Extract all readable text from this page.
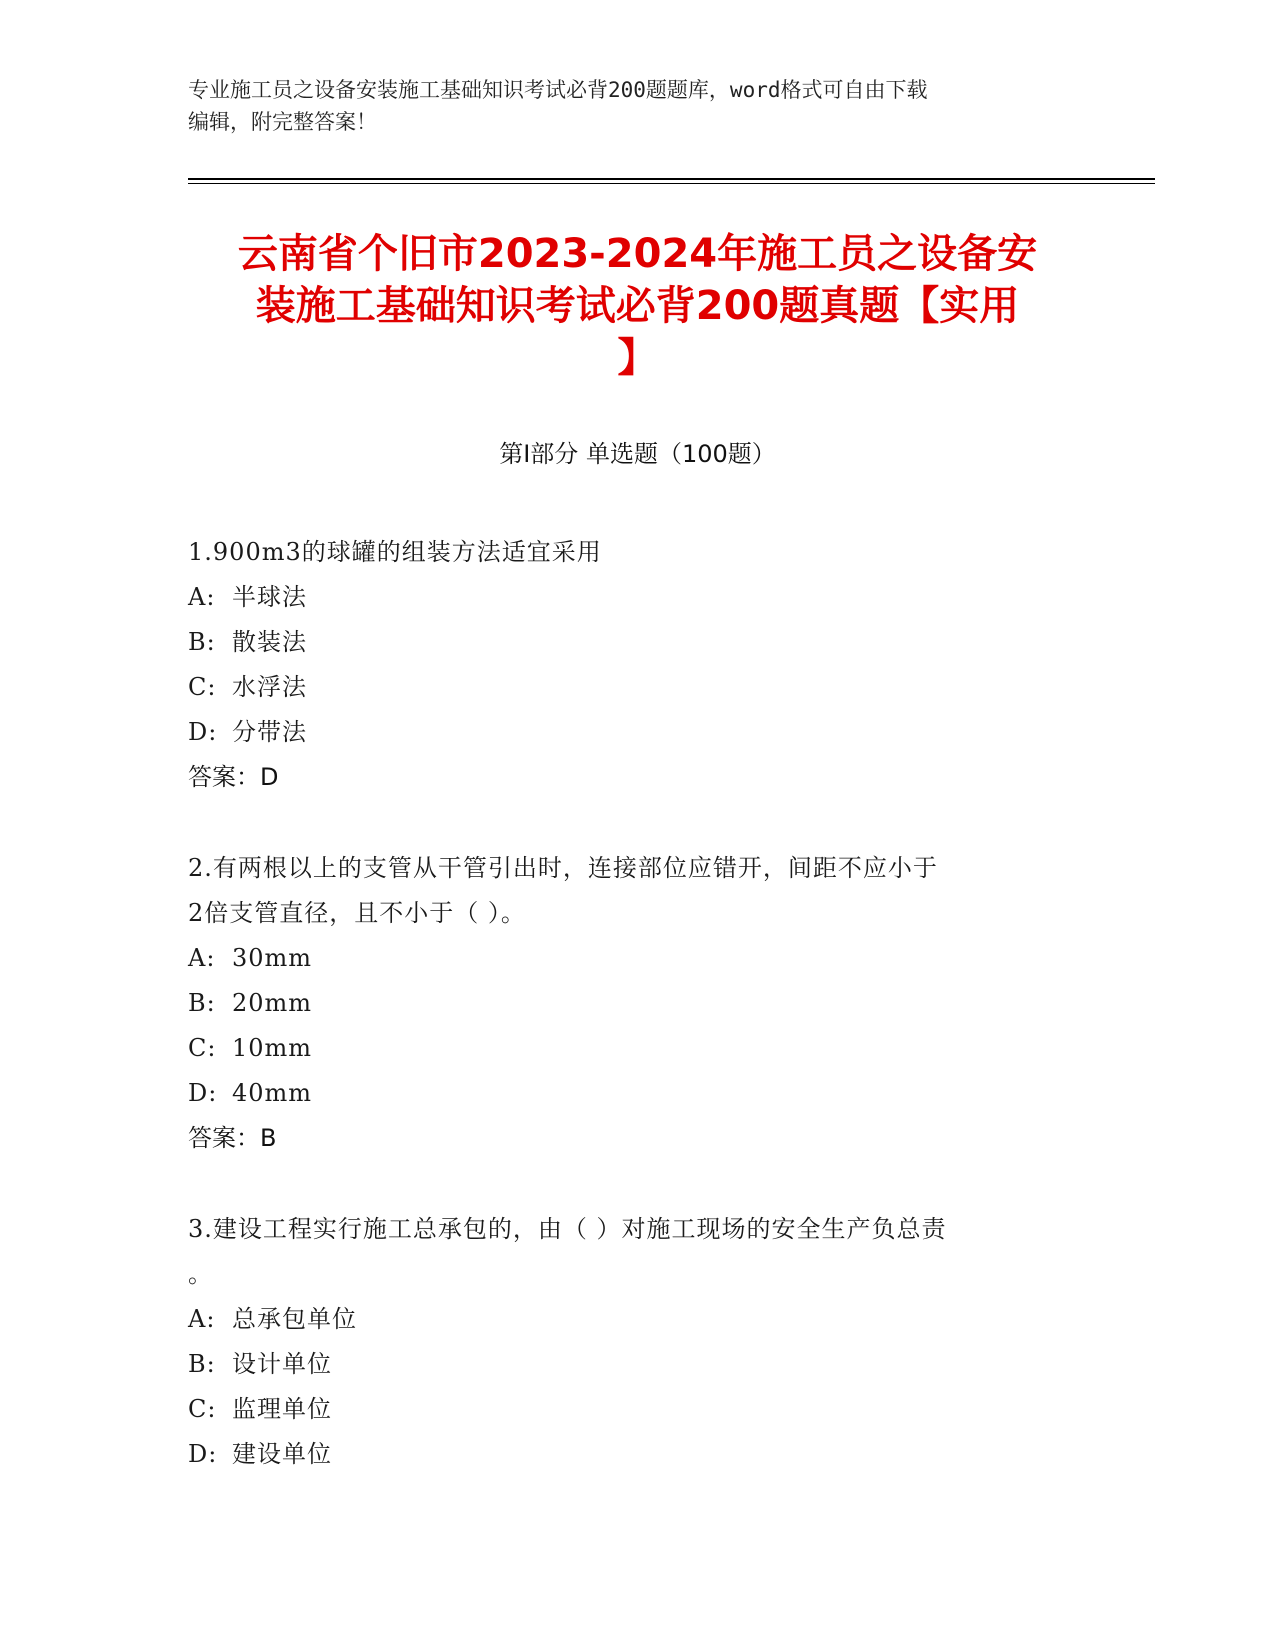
专业施工员之设备安装施工基础知识考试必背200题题库，word格式可自由下载
编辑，附完整答案！
云南省个旧市2023-2024年施工员之设备安
装施工基础知识考试必背200题真题【实用
】
第Ⅰ部分 单选题（100题）

1.900m3的球罐的组装方法适宜采用

A: 半球法

B: 散装法

C: 水浮法

D: 分带法

答案：D

2.有两根以上的支管从干管引出时，连接部位应错开，间距不应小于

2倍支管直径，且不小于（ ）。

A: 30mm

B: 20mm

C: 10mm

D: 40mm

答案：B

3.建设工程实行施工总承包的，由（ ）对施工现场的安全生产负总责

。

A: 总承包单位

B: 设计单位

C: 监理单位

D: 建设单位
